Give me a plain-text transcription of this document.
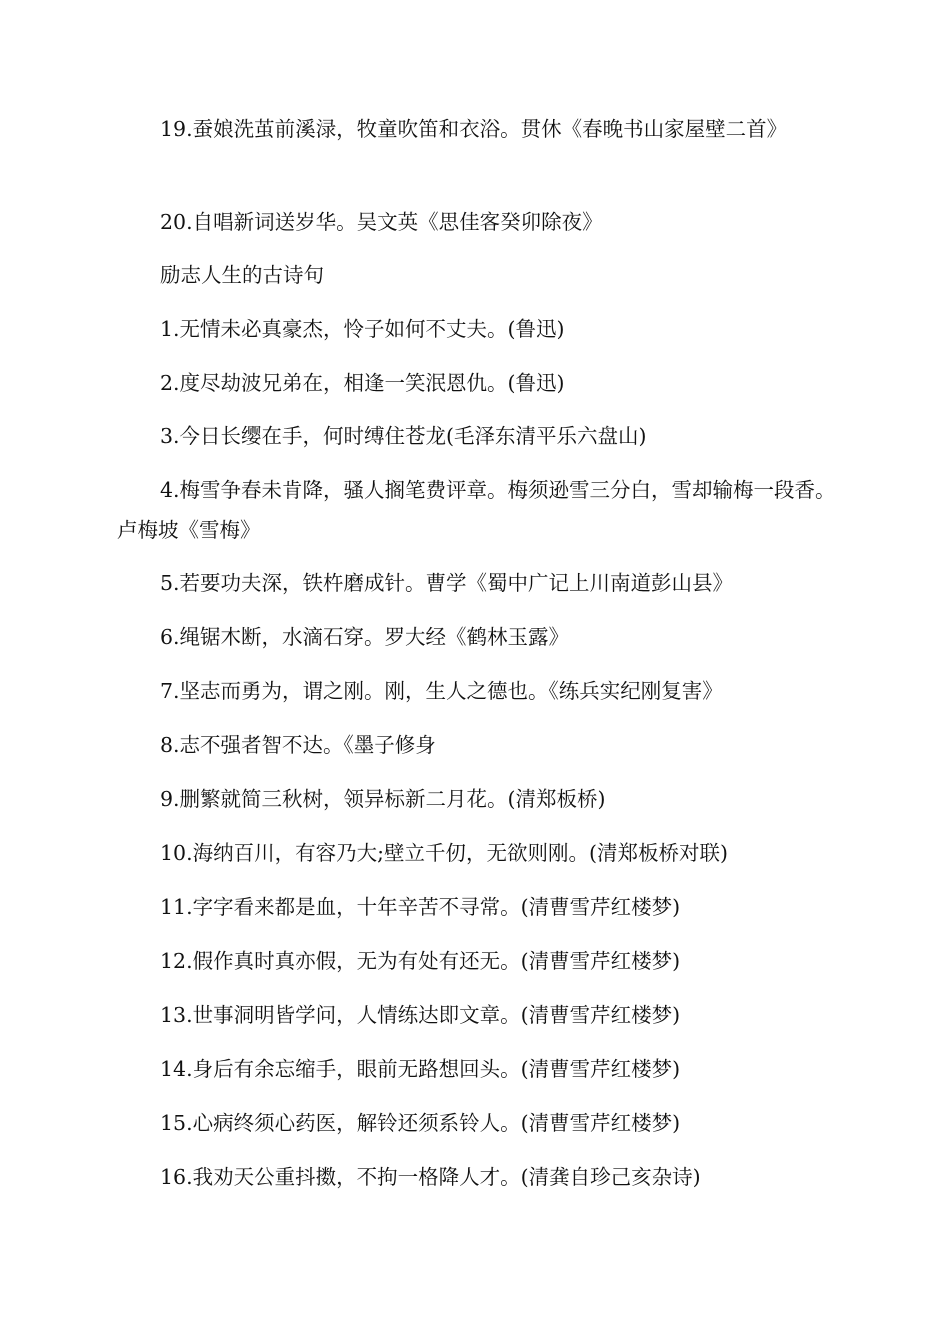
19.蚕娘洗茧前溪渌，牧童吹笛和衣浴。贯休《春晚书山家屋壁二首》

20.自唱新词送岁华。吴文英《思佳客癸卯除夜》

励志人生的古诗句

1.无情未必真豪杰，怜子如何不丈夫。(鲁迅)

2.度尽劫波兄弟在，相逢一笑泯恩仇。(鲁迅)

3.今日长缨在手，何时缚住苍龙(毛泽东清平乐六盘山)

4.梅雪争春未肯降，骚人搁笔费评章。梅须逊雪三分白，雪却输梅一段香。卢梅坡《雪梅》

5.若要功夫深，铁杵磨成针。曹学《蜀中广记上川南道彭山县》

6.绳锯木断，水滴石穿。罗大经《鹤林玉露》

7.坚志而勇为，谓之刚。刚，生人之德也。《练兵实纪刚复害》

8.志不强者智不达。《墨子修身

9.删繁就简三秋树，领异标新二月花。(清郑板桥)

10.海纳百川，有容乃大;壁立千仞，无欲则刚。(清郑板桥对联)

11.字字看来都是血，十年辛苦不寻常。(清曹雪芹红楼梦)

12.假作真时真亦假，无为有处有还无。(清曹雪芹红楼梦)

13.世事洞明皆学问，人情练达即文章。(清曹雪芹红楼梦)

14.身后有余忘缩手，眼前无路想回头。(清曹雪芹红楼梦)

15.心病终须心药医，解铃还须系铃人。(清曹雪芹红楼梦)

16.我劝天公重抖擞，不拘一格降人才。(清龚自珍己亥杂诗)
